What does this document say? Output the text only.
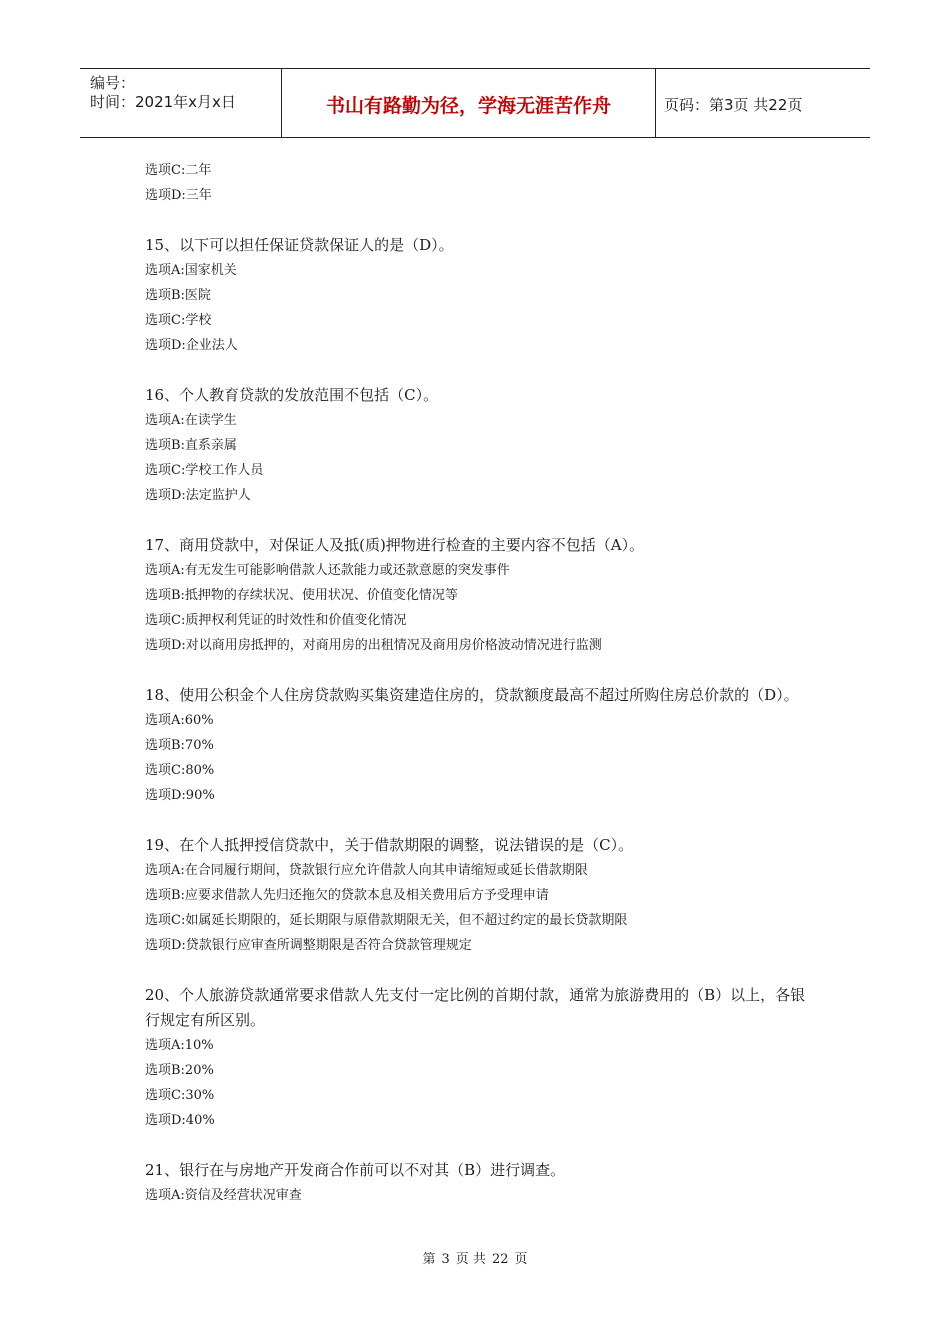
编号：
时间：2021年x月x日	书山有路勤为径，学海无涯苦作舟	页码：第3页 共22页
选项C:二年
选项D:三年
15、以下可以担任保证贷款保证人的是（D）。
选项A:国家机关
选项B:医院
选项C:学校
选项D:企业法人
16、个人教育贷款的发放范围不包括（C）。
选项A:在读学生
选项B:直系亲属
选项C:学校工作人员
选项D:法定监护人
17、商用贷款中，对保证人及抵(质)押物进行检查的主要内容不包括（A）。
选项A:有无发生可能影响借款人还款能力或还款意愿的突发事件
选项B:抵押物的存续状况、使用状况、价值变化情况等
选项C:质押权利凭证的时效性和价值变化情况
选项D:对以商用房抵押的，对商用房的出租情况及商用房价格波动情况进行监测
18、使用公积金个人住房贷款购买集资建造住房的，贷款额度最高不超过所购住房总价款的（D）。
选项A:60%
选项B:70%
选项C:80%
选项D:90%
19、在个人抵押授信贷款中，关于借款期限的调整，说法错误的是（C）。
选项A:在合同履行期间，贷款银行应允许借款人向其申请缩短或延长借款期限
选项B:应要求借款人先归还拖欠的贷款本息及相关费用后方予受理申请
选项C:如属延长期限的，延长期限与原借款期限无关，但不超过约定的最长贷款期限
选项D:贷款银行应审查所调整期限是否符合贷款管理规定
20、个人旅游贷款通常要求借款人先支付一定比例的首期付款，通常为旅游费用的（B）以上，各银行规定有所区别。
选项A:10%
选项B:20%
选项C:30%
选项D:40%
21、银行在与房地产开发商合作前可以不对其（B）进行调查。
选项A:资信及经营状况审查
第 3 页 共 22 页
